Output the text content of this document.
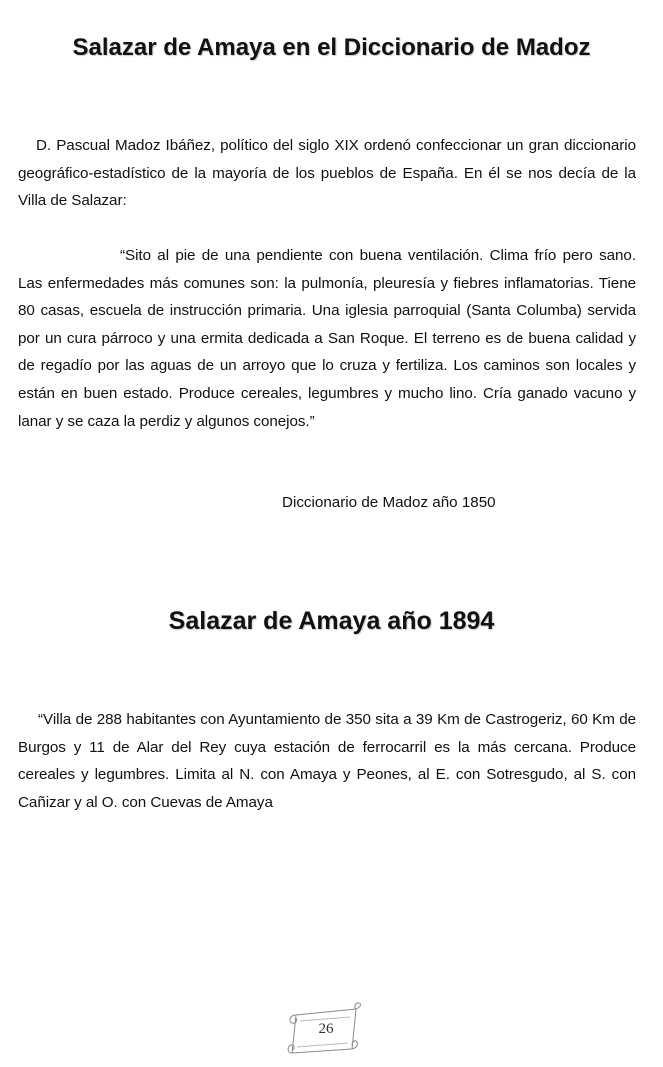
Salazar de Amaya en el Diccionario de Madoz

D. Pascual Madoz Ibáñez, político del siglo XIX ordenó confeccionar un gran diccionario geográfico-estadístico de la mayoría de los pueblos de España. En él se nos decía de la Villa de Salazar:

“Sito al pie de una pendiente con buena ventilación. Clima frío pero sano. Las enfermedades más comunes son: la pulmonía, pleuresía y fiebres inflamatorias. Tiene 80 casas, escuela de instrucción primaria. Una iglesia parroquial (Santa Columba) servida por un cura párroco y una ermita dedicada a San Roque. El terreno es de buena calidad y de regadío por las aguas de un arroyo que lo cruza y fertiliza. Los caminos son locales y están en buen estado. Produce cereales, legumbres y mucho lino. Cría ganado vacuno y lanar y se caza la perdiz y algunos conejos.”

Diccionario de Madoz año 1850

Salazar de Amaya año 1894

“Villa de 288 habitantes con Ayuntamiento de 350 sita a 39 Km de Castrogeriz, 60 Km de Burgos y 11 de Alar del Rey cuya estación de ferrocarril es la más cercana. Produce cereales y legumbres. Limita al N. con Amaya y Peones, al E. con Sotresgudo, al S. con Cañizar y al O. con Cuevas de Amaya

26
